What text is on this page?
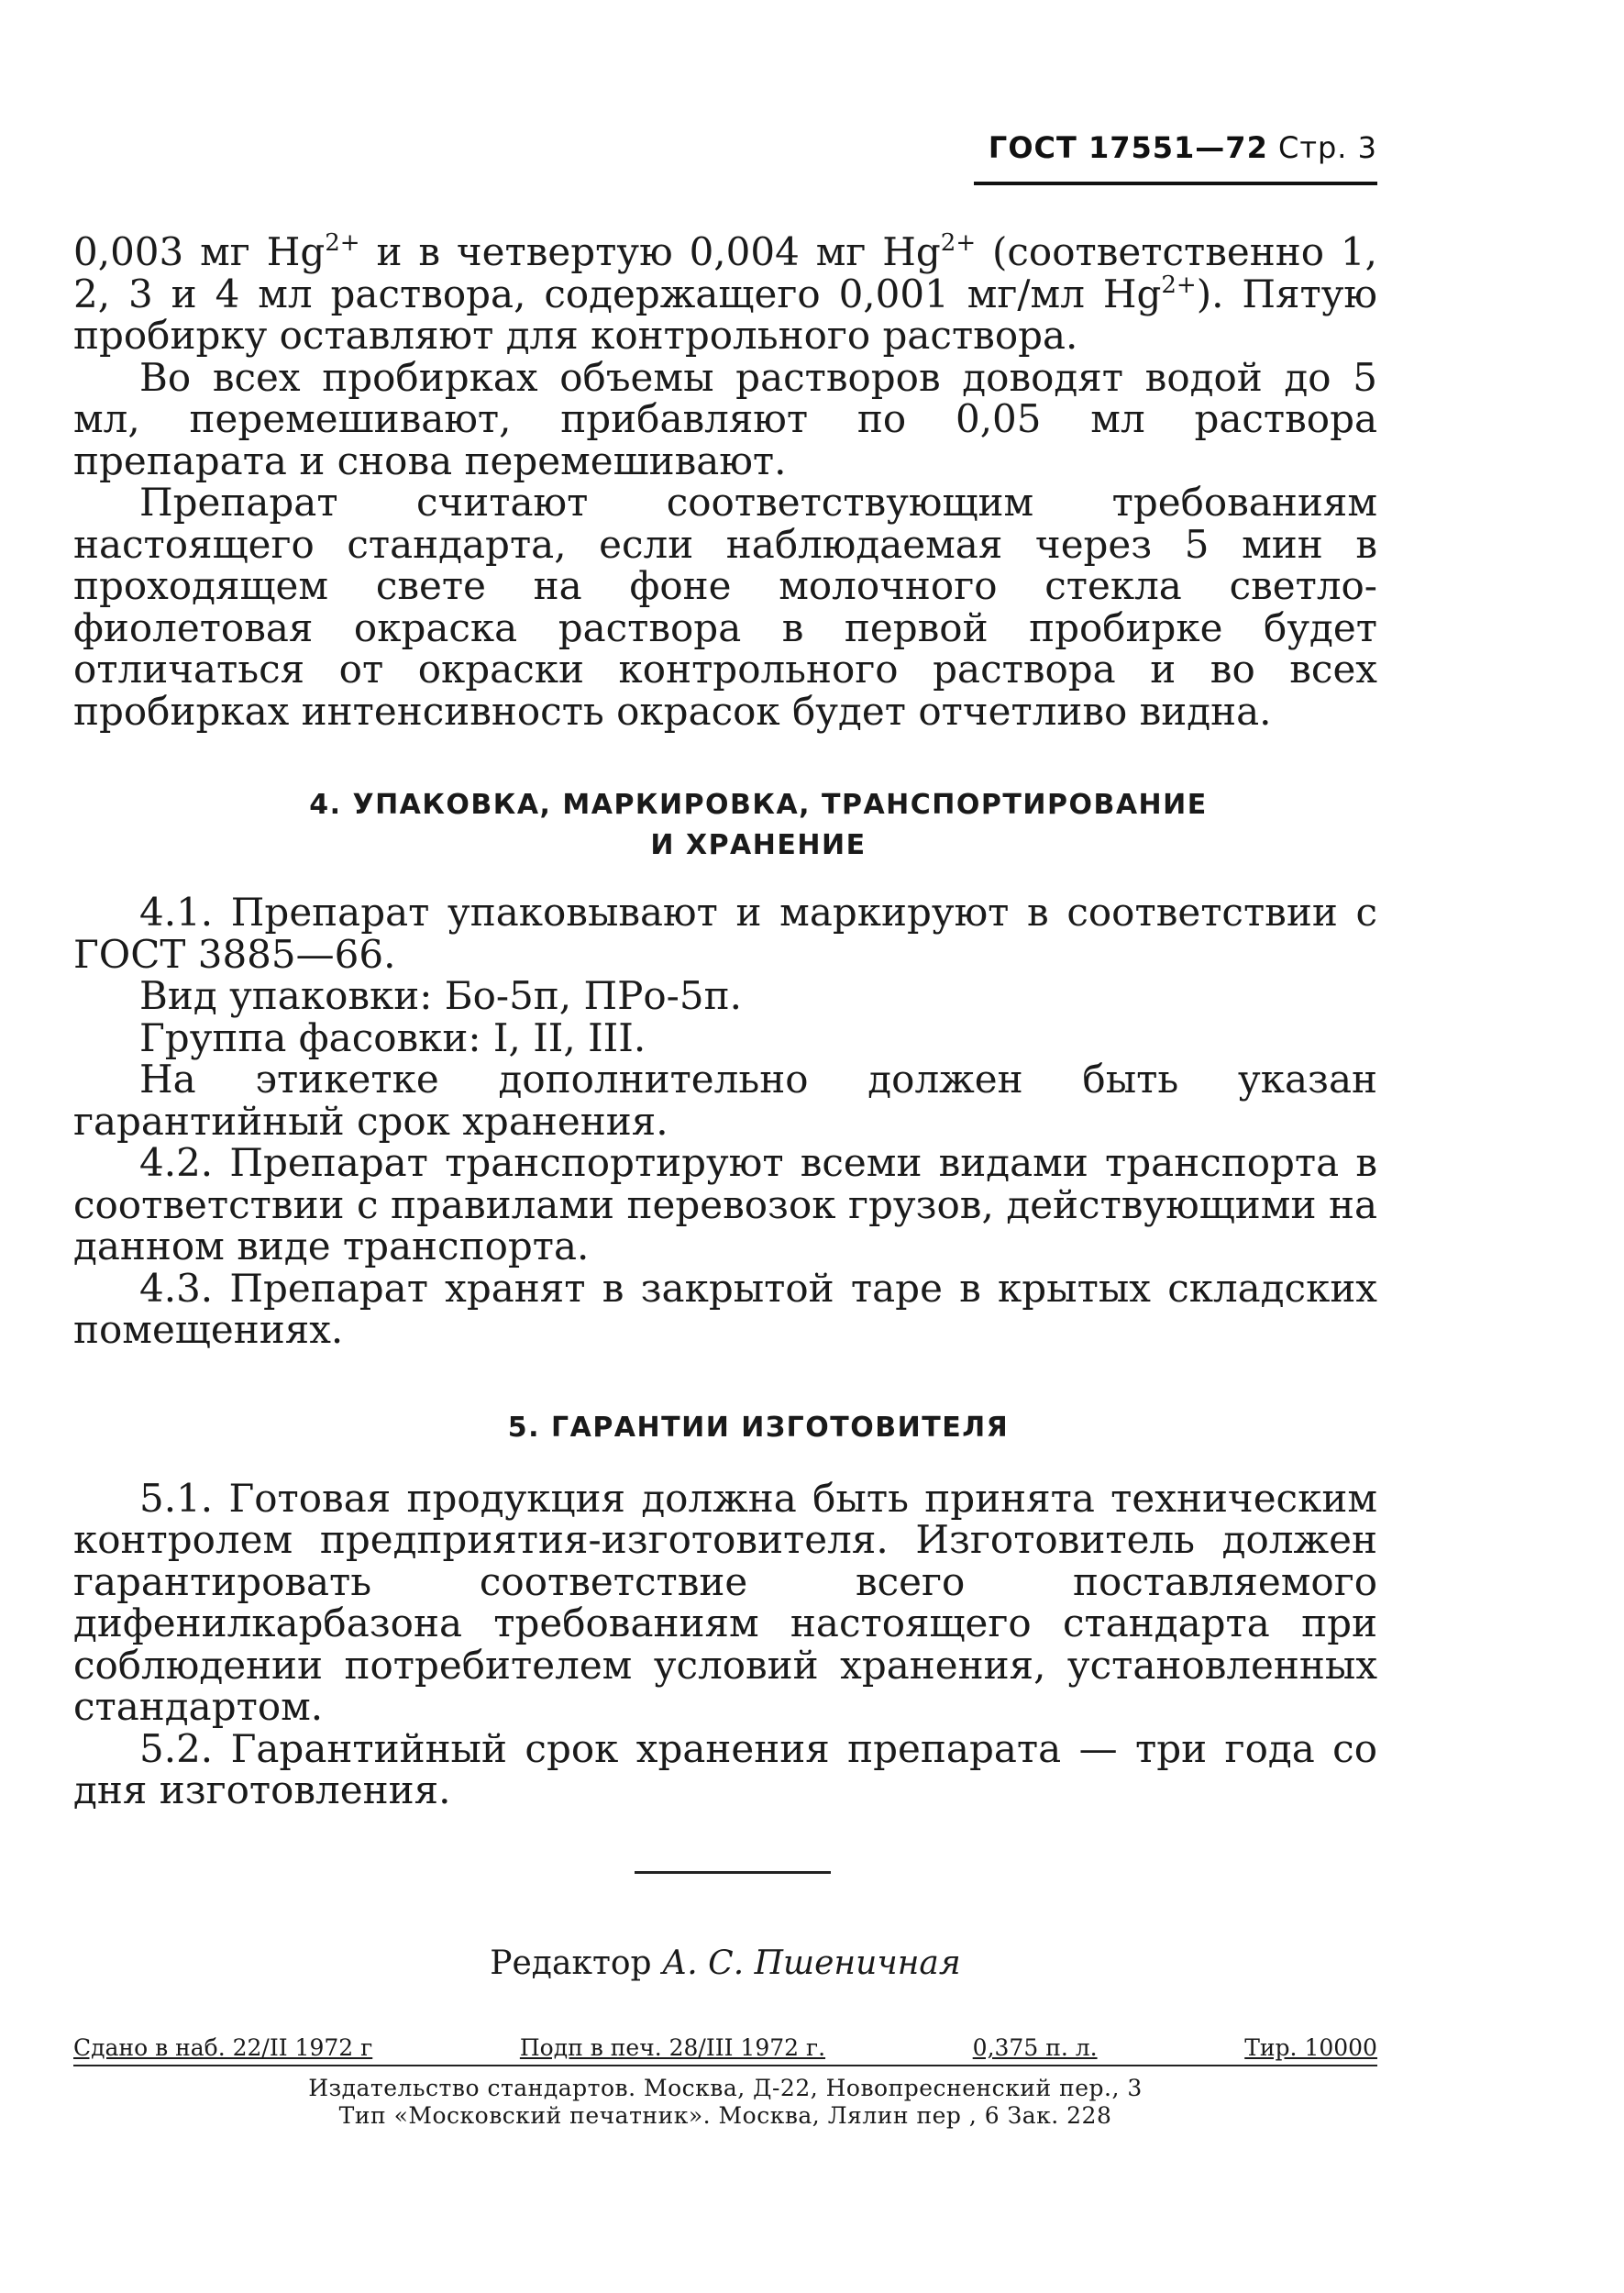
ГОСТ 17551—72 Стр. 3

0,003 мг $Hg^{2+}$ и в четвертую 0,004 мг $Hg^{2+}$ (соответственно 1, 2, 3 и 4 мл раствора, содержащего 0,001 мг/мл $Hg^{2+}$). Пятую пробирку оставляют для контрольного раствора.

Во всех пробирках объемы растворов доводят водой до 5 мл, перемешивают, прибавляют по 0,05 мл раствора препарата и снова перемешивают.

Препарат считают соответствующим требованиям настоящего стандарта, если наблюдаемая через 5 мин в проходящем свете на фоне молочного стекла светло-фиолетовая окраска раствора в первой пробирке будет отличаться от окраски контрольного раствора и во всех пробирках интенсивность окрасок будет отчетливо видна.

4. УПАКОВКА, МАРКИРОВКА, ТРАНСПОРТИРОВАНИЕ

И ХРАНЕНИЕ

4.1. Препарат упаковывают и маркируют в соответствии с ГОСТ 3885—66.

Вид упаковки: Бо-5п, ПРо-5п.

Группа фасовки: I, II, III.

На этикетке дополнительно должен быть указан гарантийный срок хранения.

4.2. Препарат транспортируют всеми видами транспорта в соответствии с правилами перевозок грузов, действующими на данном виде транспорта.

4.3. Препарат хранят в закрытой таре в крытых складских помещениях.

5. ГАРАНТИИ ИЗГОТОВИТЕЛЯ

5.1. Готовая продукция должна быть принята техническим контролем предприятия-изготовителя. Изготовитель должен гарантировать соответствие всего поставляемого дифенилкарбазона требованиям настоящего стандарта при соблюдении потребителем условий хранения, установленных стандартом.

5.2. Гарантийный срок хранения препарата — три года со дня изготовления.

Редактор А. С. Пшеничная
Сдано в наб. 22/II 1972 г	Подп в печ. 28/III 1972 г.	0,375 п. л.	Тир. 10000
Издательство стандартов. Москва, Д-22, Новопресненский пер., 3
Тип «Московский печатник». Москва, Лялин пер , 6 Зак. 228
